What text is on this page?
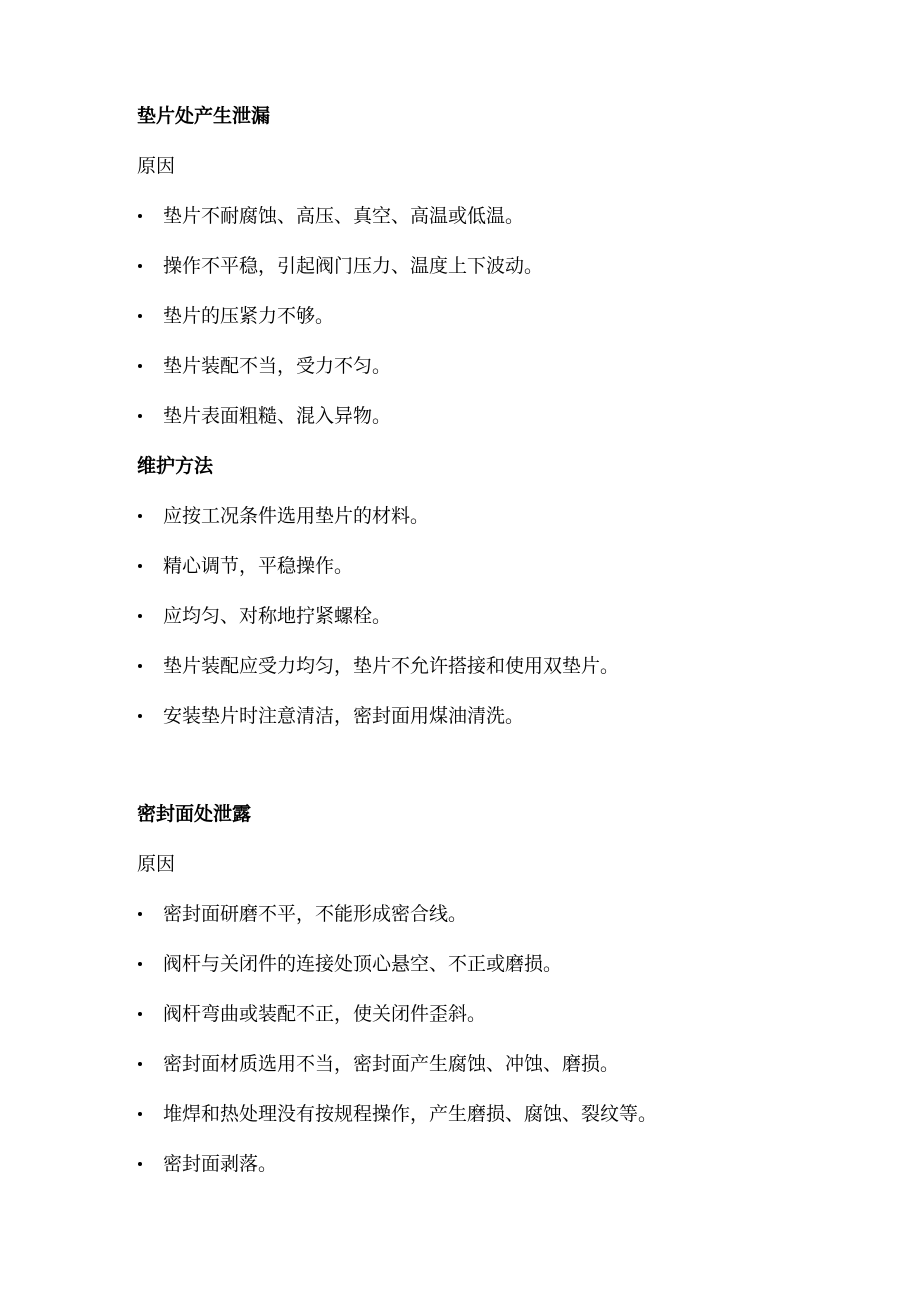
垫片处产生泄漏
原因
垫片不耐腐蚀、高压、真空、高温或低温。
操作不平稳，引起阀门压力、温度上下波动。
垫片的压紧力不够。
垫片装配不当，受力不匀。
垫片表面粗糙、混入异物。
维护方法
应按工况条件选用垫片的材料。
精心调节，平稳操作。
应均匀、对称地拧紧螺栓。
垫片装配应受力均匀，垫片不允许搭接和使用双垫片。
安装垫片时注意清洁，密封面用煤油清洗。
密封面处泄露
原因
密封面研磨不平，不能形成密合线。
阀杆与关闭件的连接处顶心悬空、不正或磨损。
阀杆弯曲或装配不正，使关闭件歪斜。
密封面材质选用不当，密封面产生腐蚀、冲蚀、磨损。
堆焊和热处理没有按规程操作，产生磨损、腐蚀、裂纹等。
密封面剥落。
